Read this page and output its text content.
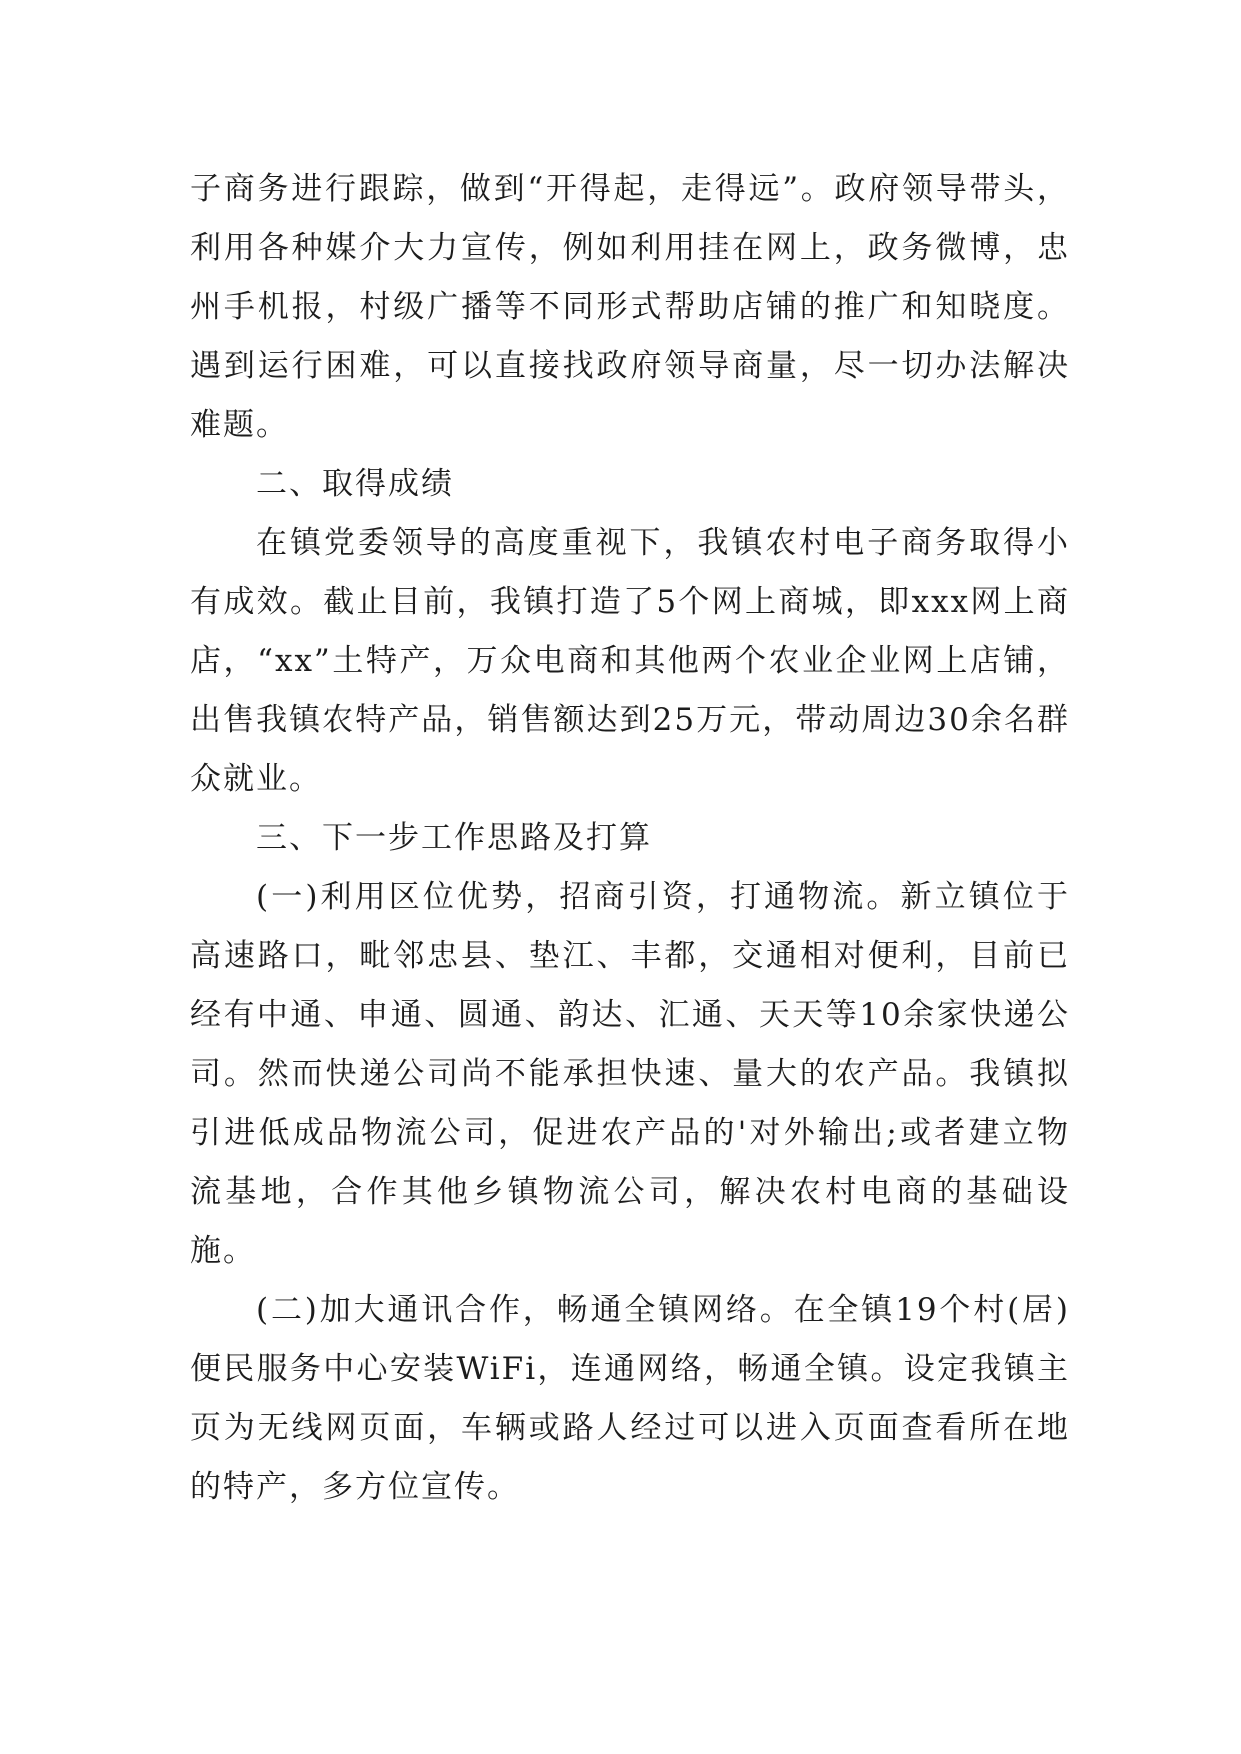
子商务进行跟踪，做到“开得起，走得远”。政府领导带头，利用各种媒介大力宣传，例如利用挂在网上，政务微博，忠州手机报，村级广播等不同形式帮助店铺的推广和知晓度。遇到运行困难，可以直接找政府领导商量，尽一切办法解决难题。

二、取得成绩

在镇党委领导的高度重视下，我镇农村电子商务取得小有成效。截止目前，我镇打造了5个网上商城，即xxx网上商店，“xx”土特产，万众电商和其他两个农业企业网上店铺，出售我镇农特产品，销售额达到25万元，带动周边30余名群众就业。

三、下一步工作思路及打算

(一)利用区位优势，招商引资，打通物流。新立镇位于高速路口，毗邻忠县、垫江、丰都，交通相对便利，目前已经有中通、申通、圆通、韵达、汇通、天天等10余家快递公司。然而快递公司尚不能承担快速、量大的农产品。我镇拟引进低成品物流公司，促进农产品的'对外输出;或者建立物流基地，合作其他乡镇物流公司，解决农村电商的基础设施。

(二)加大通讯合作，畅通全镇网络。在全镇19个村(居)便民服务中心安装WiFi，连通网络，畅通全镇。设定我镇主页为无线网页面，车辆或路人经过可以进入页面查看所在地的特产，多方位宣传。
